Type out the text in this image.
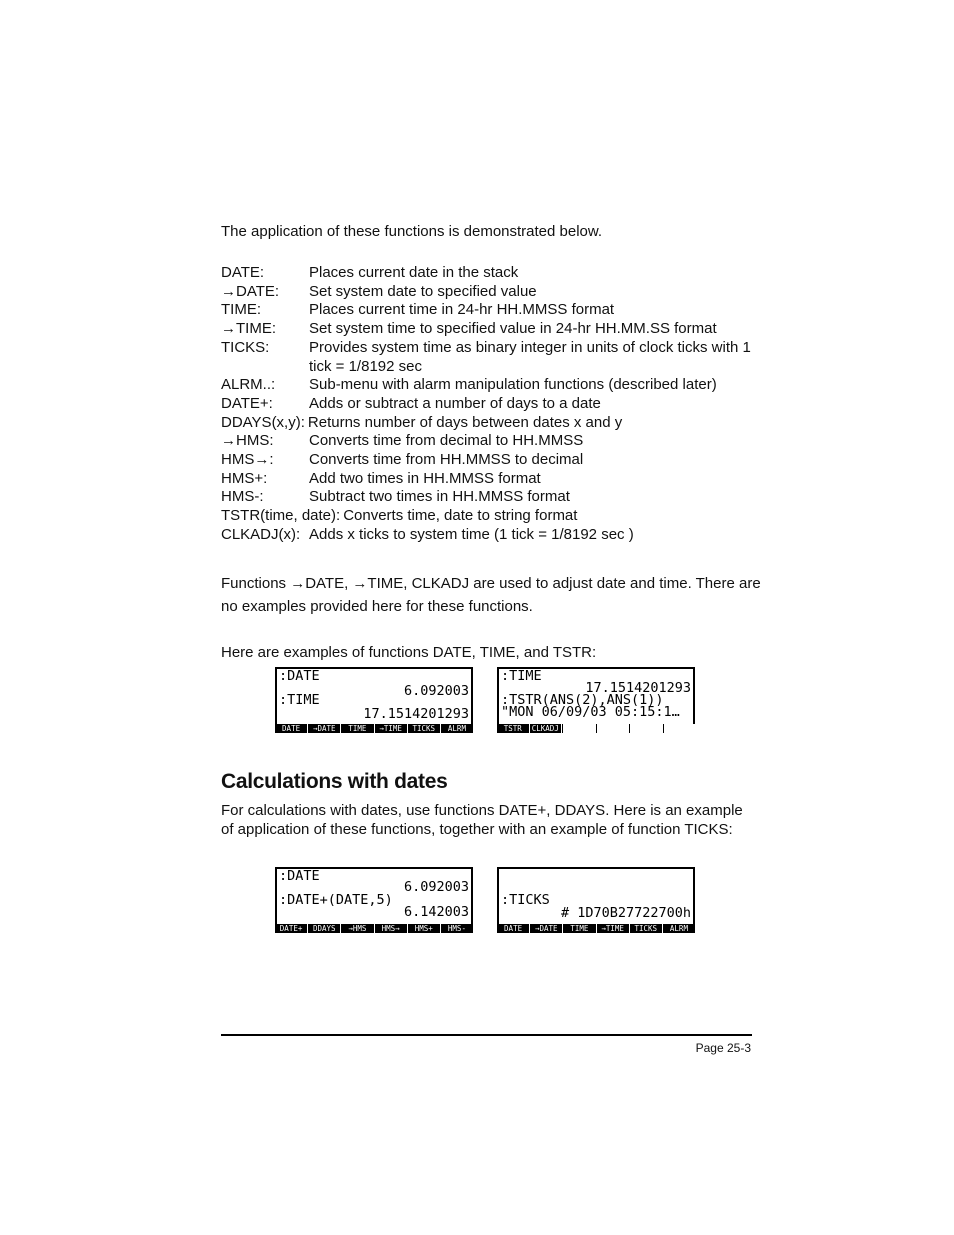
The application of these functions is demonstrated below.
DATE:	Places current date in the stack
→DATE:	Set system date to specified value
TIME:	Places current time in 24-hr HH.MMSS format
→TIME:	Set system time to specified value in 24-hr HH.MM.SS format
TICKS:	Provides system time as binary integer in units of clock ticks with 1
tick = 1/8192 sec
ALRM..:	Sub-menu with alarm manipulation functions (described later)
DATE+:	Adds or subtract a number of days to a date
DDAYS(x,y): Returns number of days between dates x and y
→HMS:	Converts time from decimal to HH.MMSS
HMS→:	Converts time from HH.MMSS to decimal
HMS+:	Add two times in HH.MMSS format
HMS-:	Subtract two times in HH.MMSS format
TSTR(time, date): Converts time, date to string format
CLKADJ(x): Adds x ticks to system time (1 tick = 1/8192 sec )
Functions →DATE, →TIME, CLKADJ are used to adjust date and time. There are
no examples provided here for these functions.
Here are examples of functions DATE, TIME, and TSTR:
:DATE
6.092003
:TIME
17.1514201293
DATE	→DATE	TIME	→TIME	TICKS	ALRM
:TIME
17.1514201293
:TSTR(ANS(2),ANS(1))
"MON 06/09/03 05:15:1…
TSTR	CLKADJ
Calculations with dates
For calculations with dates, use functions DATE+, DDAYS. Here is an example
of application of these functions, together with an example of function TICKS:
:DATE
6.092003
:DATE+(DATE,5)
6.142003
DATE+	DDAYS	→HMS	HMS→	HMS+	HMS-
:TICKS
# 1D70B27722700h
DATE	→DATE	TIME	→TIME	TICKS	ALRM
Page 25-3
